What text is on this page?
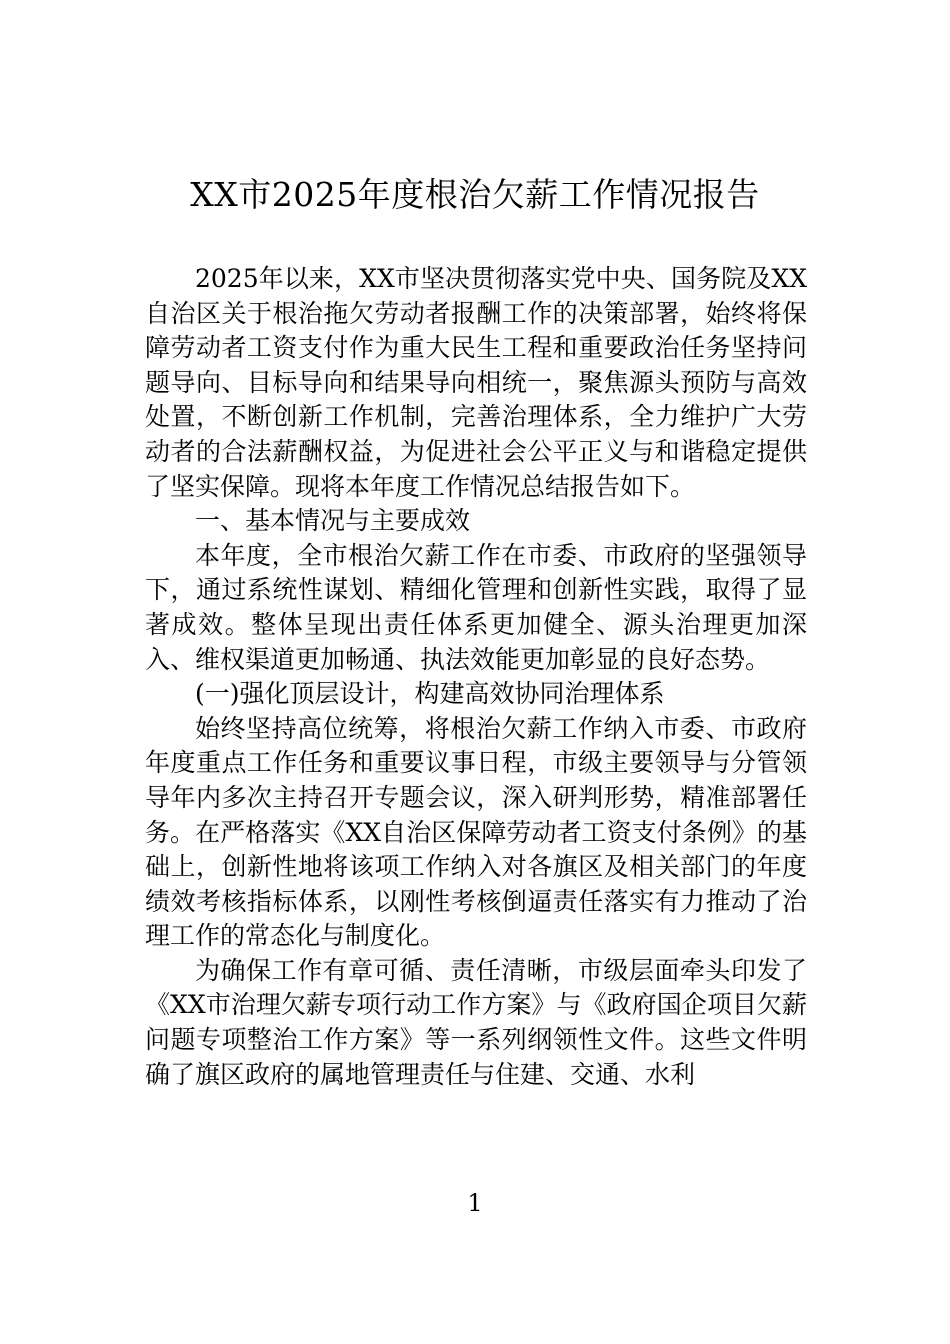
XX市2025年度根治欠薪工作情况报告

2025年以来，XX市坚决贯彻落实党中央、国务院及XX自治区关于根治拖欠劳动者报酬工作的决策部署，始终将保障劳动者工资支付作为重大民生工程和重要政治任务坚持问题导向、目标导向和结果导向相统一，聚焦源头预防与高效处置，不断创新工作机制，完善治理体系，全力维护广大劳动者的合法薪酬权益，为促进社会公平正义与和谐稳定提供了坚实保障。现将本年度工作情况总结报告如下。

一、基本情况与主要成效

本年度，全市根治欠薪工作在市委、市政府的坚强领导下，通过系统性谋划、精细化管理和创新性实践，取得了显著成效。整体呈现出责任体系更加健全、源头治理更加深入、维权渠道更加畅通、执法效能更加彰显的良好态势。

(一)强化顶层设计，构建高效协同治理体系

始终坚持高位统筹，将根治欠薪工作纳入市委、市政府年度重点工作任务和重要议事日程，市级主要领导与分管领导年内多次主持召开专题会议，深入研判形势，精准部署任务。在严格落实《XX自治区保障劳动者工资支付条例》的基础上，创新性地将该项工作纳入对各旗区及相关部门的年度绩效考核指标体系，以刚性考核倒逼责任落实有力推动了治理工作的常态化与制度化。

为确保工作有章可循、责任清晰，市级层面牵头印发了《XX市治理欠薪专项行动工作方案》与《政府国企项目欠薪问题专项整治工作方案》等一系列纲领性文件。这些文件明确了旗区政府的属地管理责任与住建、交通、水利

1
